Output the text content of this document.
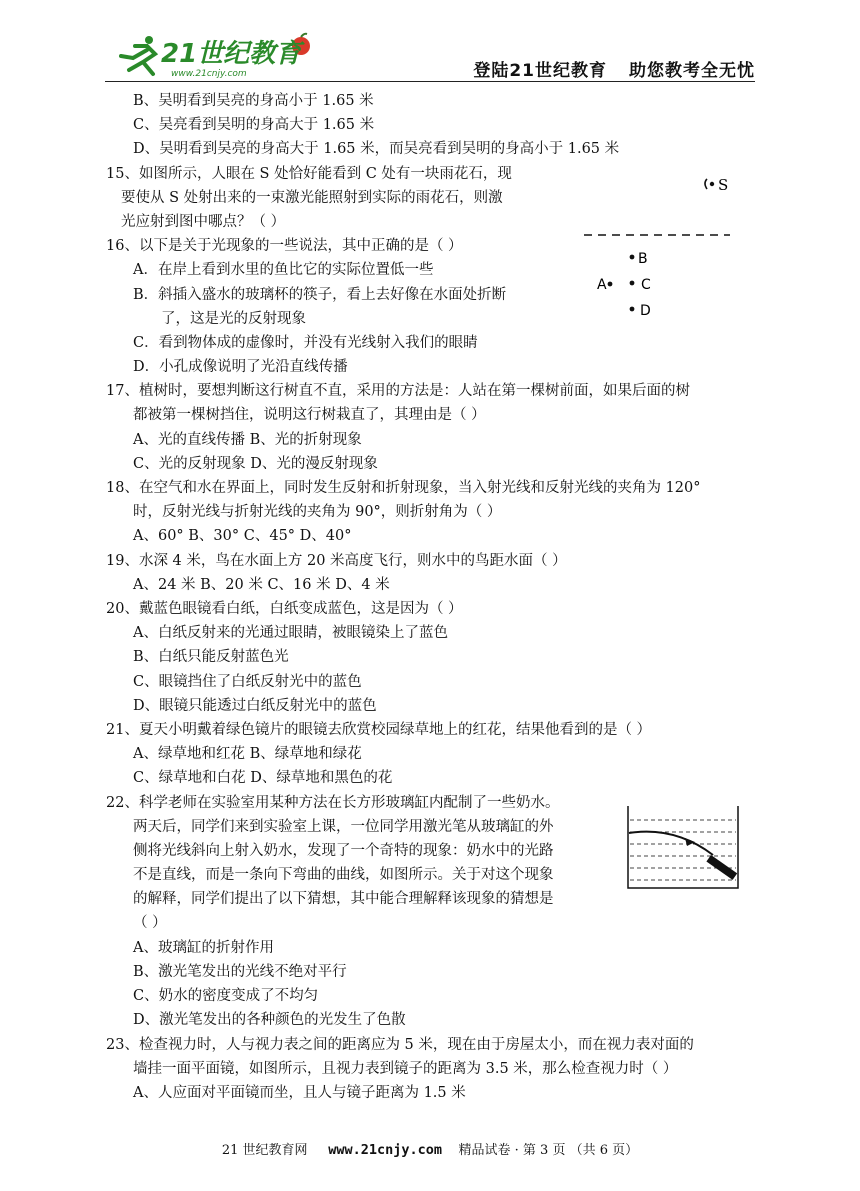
21世纪教育
www.21cnjy.com	登陆21世纪教育 助您教考全无忧
B、吴明看到吴亮的身高小于 1.65 米
C、吴亮看到吴明的身高大于 1.65 米
D、吴明看到吴亮的身高大于 1.65 米，而吴亮看到吴明的身高小于 1.65 米
15、如图所示，人眼在 S 处恰好能看到 C 处有一块雨花石，现
要使从 S 处射出来的一束激光能照射到实际的雨花石，则激
光应射到图中哪点？（ ）
16、以下是关于光现象的一些说法，其中正确的是（ ）
A．在岸上看到水里的鱼比它的实际位置低一些
B．斜插入盛水的玻璃杯的筷子，看上去好像在水面处折断
了，这是光的反射现象
C．看到物体成的虚像时，并没有光线射入我们的眼睛
D．小孔成像说明了光沿直线传播
17、植树时，要想判断这行树直不直，采用的方法是：人站在第一棵树前面，如果后面的树
都被第一棵树挡住，说明这行树栽直了，其理由是（ ）
A、光的直线传播 B、光的折射现象
C、光的反射现象 D、光的漫反射现象
18、在空气和水在界面上，同时发生反射和折射现象，当入射光线和反射光线的夹角为 120°
时，反射光线与折射光线的夹角为 90°，则折射角为（ ）
A、60° B、30° C、45° D、40°
19、水深 4 米，鸟在水面上方 20 米高度飞行，则水中的鸟距水面（ ）
A、24 米 B、20 米 C、16 米 D、4 米
20、戴蓝色眼镜看白纸，白纸变成蓝色，这是因为（ ）
A、白纸反射来的光通过眼睛，被眼镜染上了蓝色
B、白纸只能反射蓝色光
C、眼镜挡住了白纸反射光中的蓝色
D、眼镜只能透过白纸反射光中的蓝色
21、夏天小明戴着绿色镜片的眼镜去欣赏校园绿草地上的红花，结果他看到的是（ ）
A、绿草地和红花 B、绿草地和绿花
C、绿草地和白花 D、绿草地和黑色的花
22、科学老师在实验室用某种方法在长方形玻璃缸内配制了一些奶水。
两天后，同学们来到实验室上课，一位同学用激光笔从玻璃缸的外
侧将光线斜向上射入奶水，发现了一个奇特的现象：奶水中的光路
不是直线，而是一条向下弯曲的曲线，如图所示。关于对这个现象
的解释，同学们提出了以下猜想，其中能合理解释该现象的猜想是
（ ）
A、玻璃缸的折射作用
B、激光笔发出的光线不绝对平行
C、奶水的密度变成了不均匀
D、激光笔发出的各种颜色的光发生了色散
23、检查视力时，人与视力表之间的距离应为 5 米，现在由于房屋太小，而在视力表对面的
墙挂一面平面镜，如图所示，且视力表到镜子的距离为 3.5 米，那么检查视力时（ ）
A、人应面对平面镜而坐，且人与镜子距离为 1.5 米
S
B
C
A
D
21 世纪教育网 www.21cnjy.com 精品试卷 · 第 3 页 （共 6 页）
